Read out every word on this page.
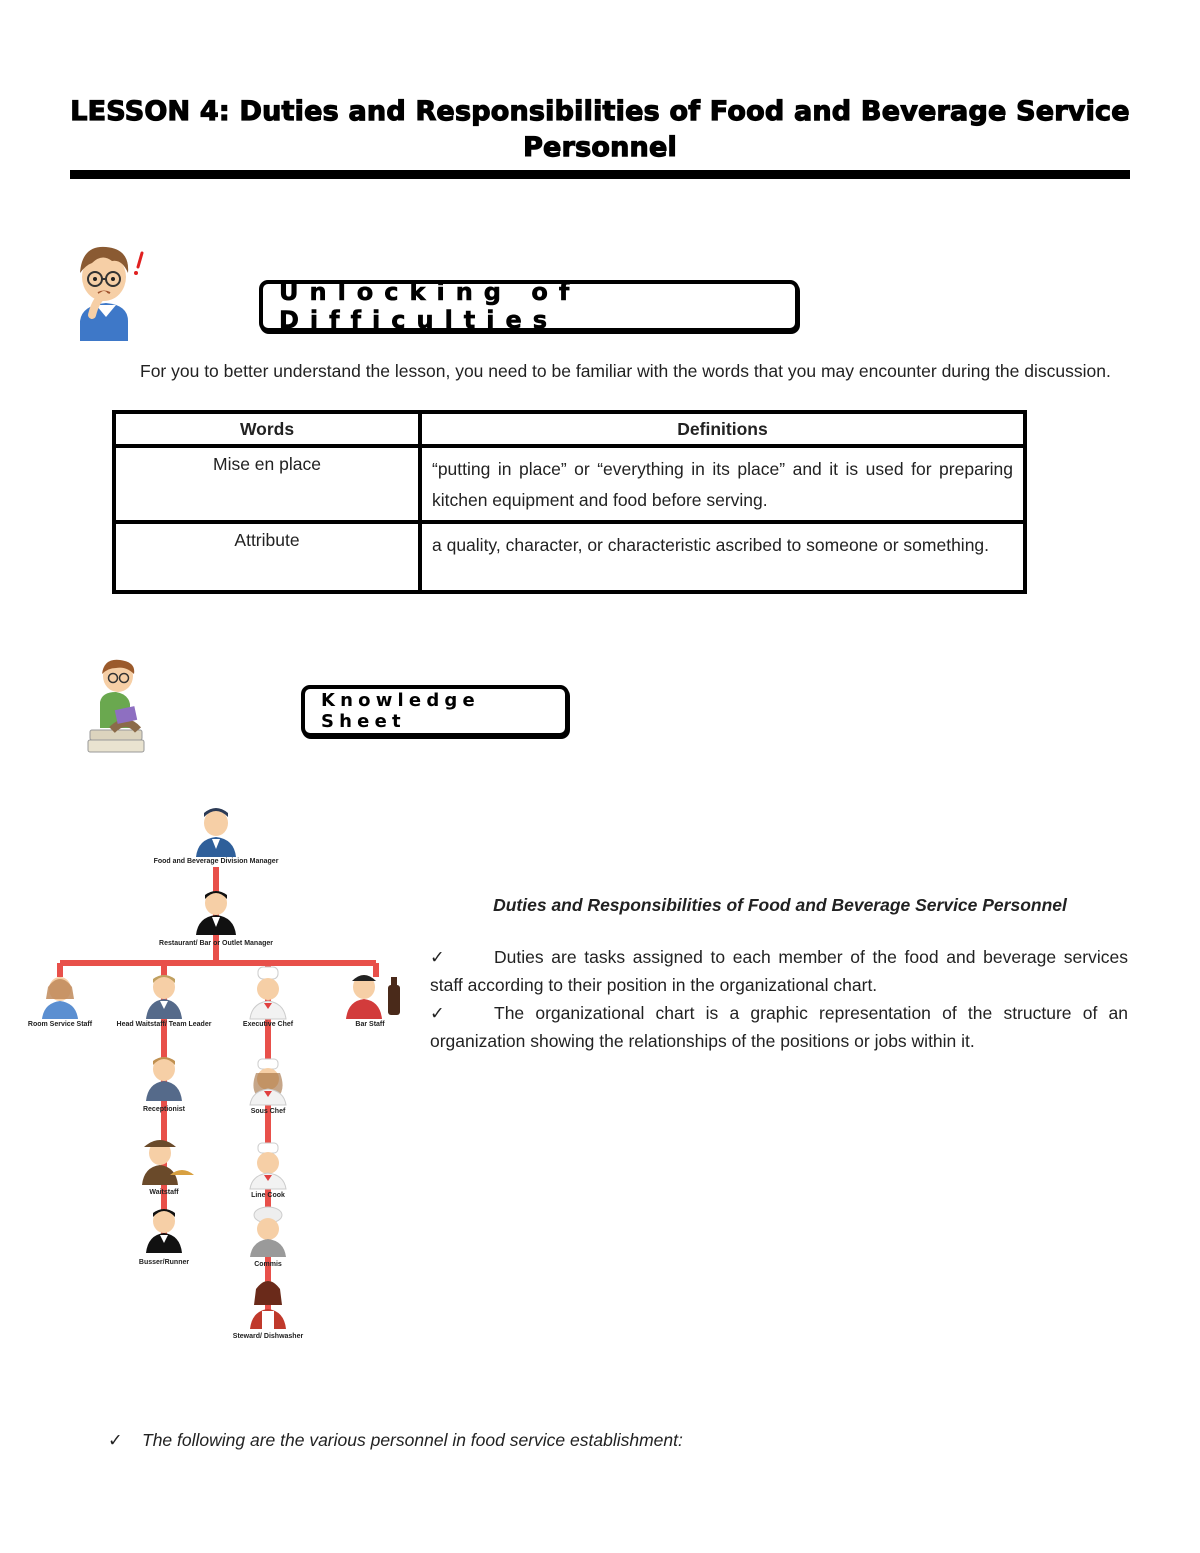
LESSON 4: Duties and Responsibilities of Food and Beverage Service
Personnel
Unlocking of Difficulties
For you to better understand the lesson, you need to be familiar with the words that you may encounter during the discussion.
Words	Definitions
Mise en place	“putting in place” or “everything in its place” and it is used for preparing kitchen equipment and food before serving.
Attribute	a quality, character, or characteristic ascribed to someone or something.
Knowledge Sheet
Food and Beverage Division Manager
Restaurant/ Bar or Outlet Manager
Room Service Staff	Head Waitstaff/ Team Leader	Executive Chef	Bar Staff
Receptionist	Sous Chef
Waitstaff	Line Cook
Busser/Runner	Commis
Steward/ Dishwasher
Duties and Responsibilities of Food and Beverage Service Personnel

✓	Duties are tasks assigned to each member of the food and beverage services staff according to their position in the organizational chart.

✓	The organizational chart is a graphic representation of the structure of an organization showing the relationships of the positions or jobs within it.

✓ The following are the various personnel in food service establishment:
